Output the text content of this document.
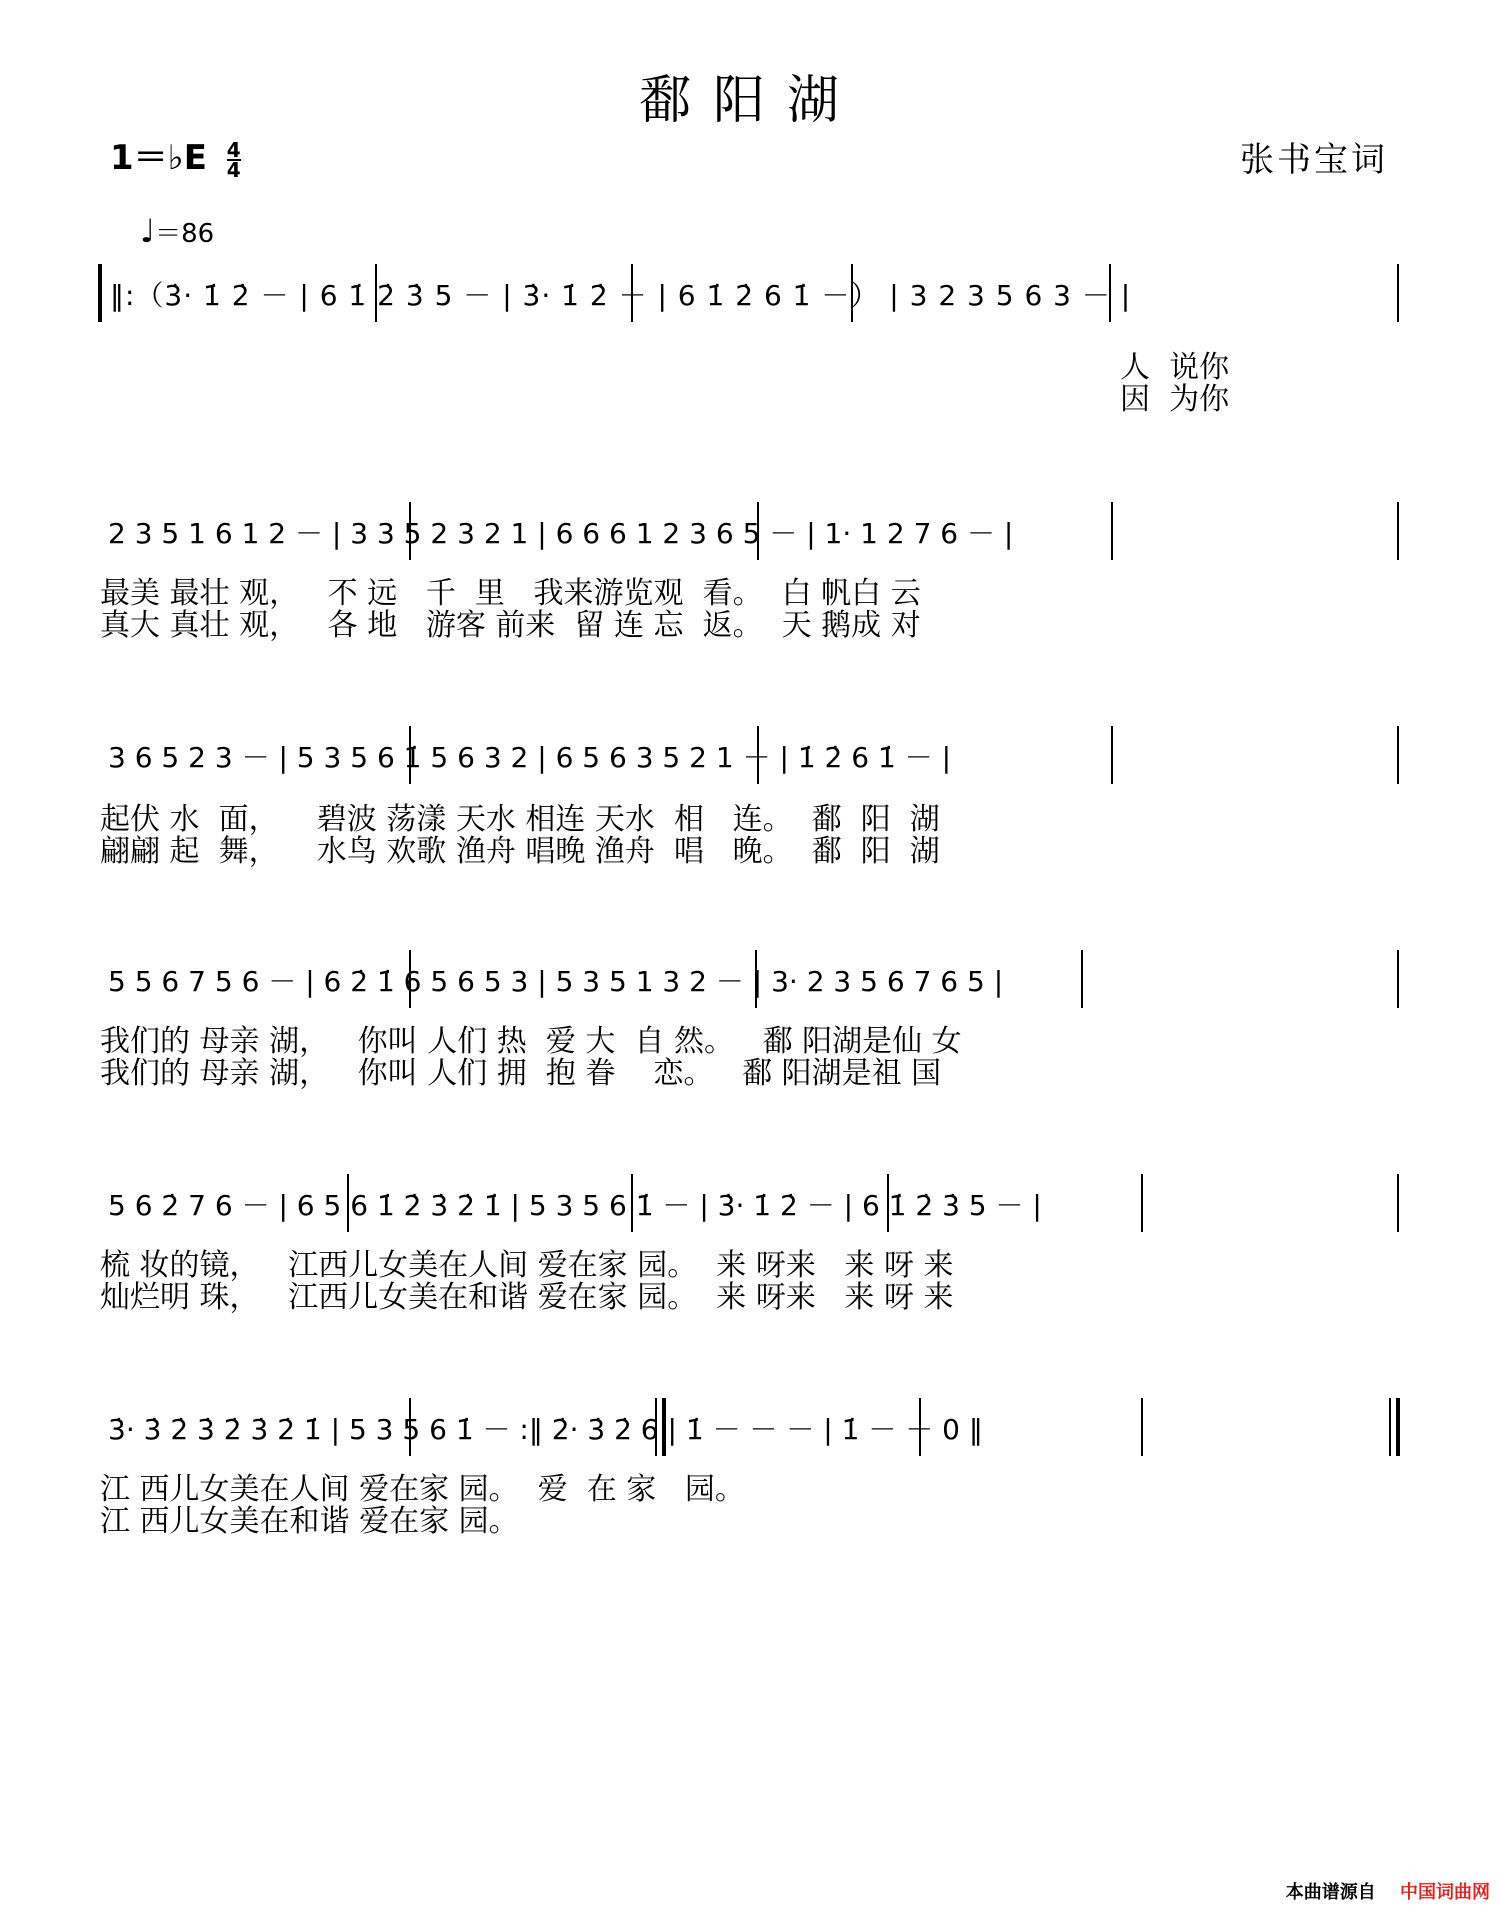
鄱阳湖
1＝♭E $\frac{4}{4}$	张书宝词
♩＝86
‖:（3̇· 1̇ 2̇ － | 6 1̇ 2̇ 3̇ 5 － | 3̇· 1̇ 2̇ － | 6 1̇ 2̇ 6 1̇ －） | 3 2 3 5 6 3 － |
人  说你
因  为你
2 3 5 1 6 1 2 － | 3 3 5 2 3 2 1 | 6 6 6 1 2 3 6 5 － | 1· 1 2 7 6 － |
最美 最壮 观，   不 远   千  里   我来游览观  看。  白 帆白 云
真大 真壮 观，   各 地   游客 前来  留 连 忘  返。  天 鹅成 对
3 6 5 2 3 － | 5 3 5 6 1̇ 5 6 3 2 | 6 5 6 3 5 2 1 － | 1̇ 2̇ 6 1̇ － |
起伏 水  面，    碧波 荡漾 天水 相连 天水  相   连。  鄱  阳  湖
翩翩 起  舞，    水鸟 欢歌 渔舟 唱晚 渔舟  唱   晚。  鄱  阳  湖
5 5 6 7 5 6 － | 6 2̇ 1̇ 6 5 6 5 3 | 5 3 5 1 3 2 － | 3· 2 3 5 6 7 6 5 |
我们的 母亲 湖，   你叫 人们 热  爱 大  自 然。   鄱 阳湖是仙 女
我们的 母亲 湖，   你叫 人们 拥  抱 眷    恋。   鄱 阳湖是祖 国
5 6 2̇ 7 6 － | 6 5 6 1̇ 2̇ 3̇ 2̇ 1̇ | 5 3 5 6 1̇ － | 3̇· 1̇ 2̇ － | 6 1̇ 2̇ 3̇ 5 － |
梳 妆的镜，   江西儿女美在人间 爱在家 园。  来 呀来   来 呀 来
灿烂明 珠，   江西儿女美在和谐 爱在家 园。  来 呀来   来 呀 来
3̇· 3̇ 2̇ 3̇ 2̇ 3̇ 2̇ 1̇ | 5 3 5 6 1̇ － :‖ 2̇· 3̇ 2̇ 6 | 1̇ － － － | 1̇ － － 0 ‖
江 西儿女美在人间 爱在家 园。  爱  在 家   园。
江 西儿女美在和谐 爱在家 园。
本曲谱源自 中国词曲网
